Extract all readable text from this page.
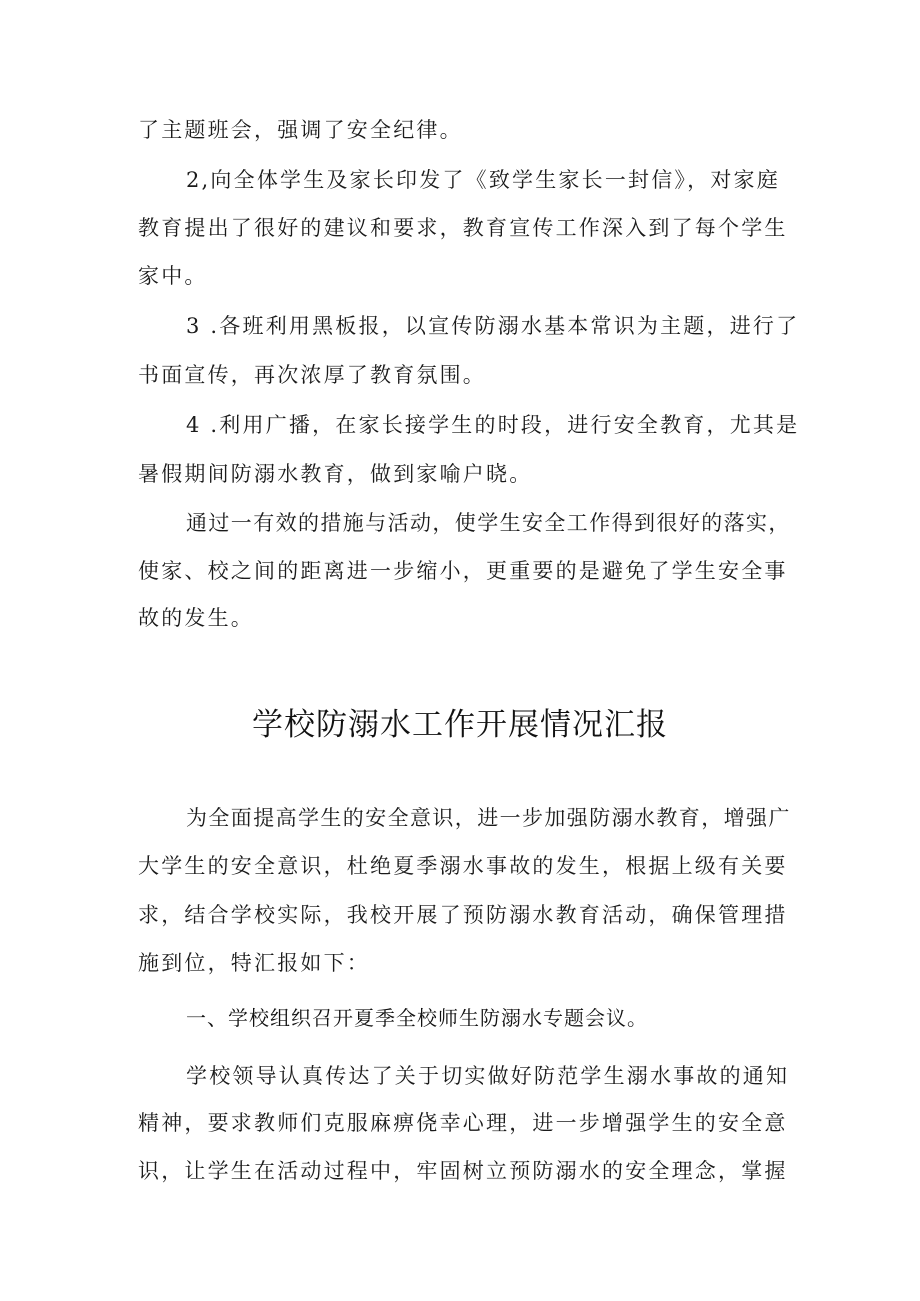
了主题班会，强调了安全纪律。
2,向全体学生及家长印发了《致学生家长一封信》，对家庭
教育提出了很好的建议和要求，教育宣传工作深入到了每个学生
家中。
3 .各班利用黑板报，以宣传防溺水基本常识为主题，进行了
书面宣传，再次浓厚了教育氛围。
4 .利用广播，在家长接学生的时段，进行安全教育，尤其是
暑假期间防溺水教育，做到家喻户晓。
通过一有效的措施与活动，使学生安全工作得到很好的落实，
使家、校之间的距离进一步缩小，更重要的是避免了学生安全事
故的发生。
学校防溺水工作开展情况汇报
为全面提高学生的安全意识，进一步加强防溺水教育，增强广
大学生的安全意识，杜绝夏季溺水事故的发生，根据上级有关要
求，结合学校实际，我校开展了预防溺水教育活动，确保管理措
施到位，特汇报如下：
一、学校组织召开夏季全校师生防溺水专题会议。
学校领导认真传达了关于切实做好防范学生溺水事故的通知
精神，要求教师们克服麻痹侥幸心理，进一步增强学生的安全意
识，让学生在活动过程中，牢固树立预防溺水的安全理念，掌握
